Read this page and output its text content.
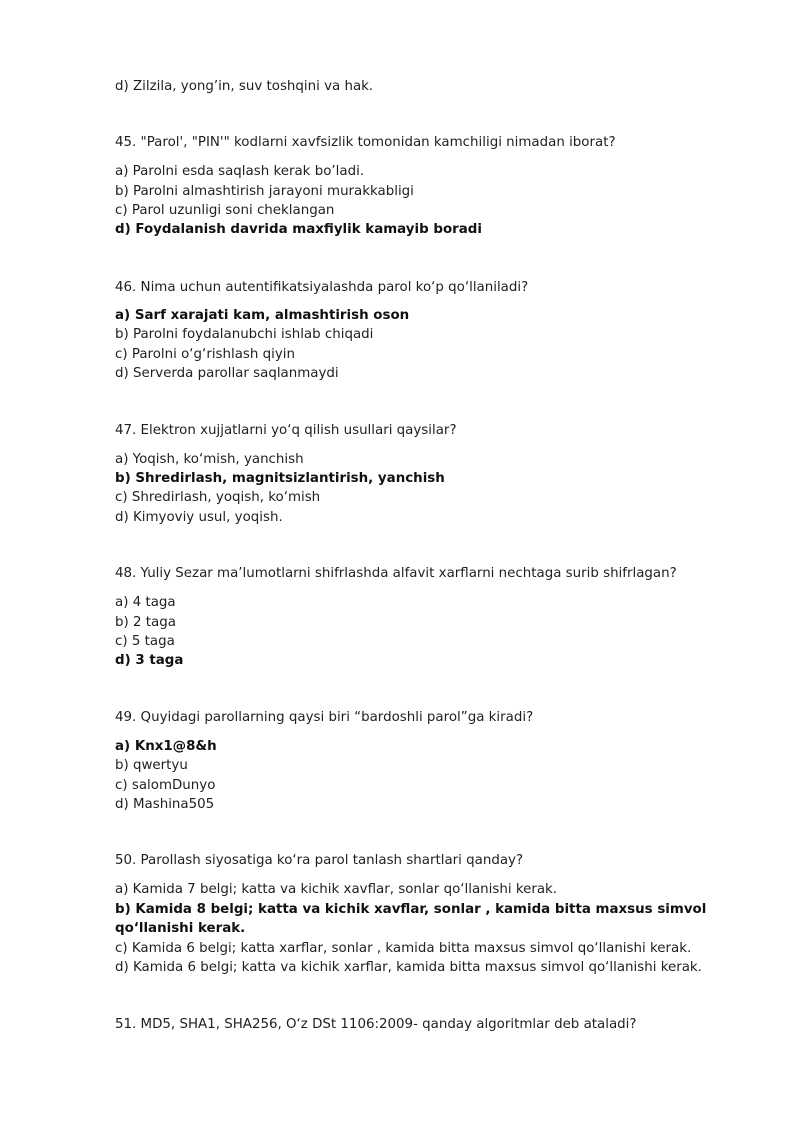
d) Zilzila, yong’in, suv toshqini va hak.
45. "Parol', "PIN'" kodlarni xavfsizlik tomonidan kamchiligi nimadan iborat?
a) Parolni esda saqlash kerak bo’ladi.
b) Parolni almashtirish jarayoni murakkabligi
c) Parol uzunligi soni cheklangan
d) Foydalanish davrida maxfiylik kamayib boradi
46. Nima uchun autentifikatsiyalashda parol ko‘p qo‘llaniladi?
a) Sarf xarajati kam, almashtirish oson
b) Parolni foydalanubchi ishlab chiqadi
c) Parolni o‘g‘rishlash qiyin
d) Serverda parollar saqlanmaydi
47. Elektron xujjatlarni yo‘q qilish usullari qaysilar?
a) Yoqish, ko‘mish, yanchish
b) Shredirlash, magnitsizlantirish, yanchish
c) Shredirlash, yoqish, ko‘mish
d) Kimyoviy usul, yoqish.
48. Yuliy Sezar ma’lumotlarni shifrlashda alfavit xarflarni nechtaga surib shifrlagan?
a) 4 taga
b) 2 taga
c) 5 taga
d) 3 taga
49. Quyidagi parollarning qaysi biri “bardoshli parol”ga kiradi?
a) Knx1@8&h
b) qwertyu
c) salomDunyo
d) Mashina505
50. Parollash siyosatiga ko‘ra parol tanlash shartlari qanday?
a) Kamida 7 belgi; katta va kichik xavflar, sonlar qo‘llanishi kerak.
b) Kamida 8 belgi; katta va kichik xavflar, sonlar , kamida bitta maxsus simvol qo‘llanishi kerak.
c) Kamida 6 belgi; katta xarflar, sonlar , kamida bitta maxsus simvol qo‘llanishi kerak.
d) Kamida 6 belgi; katta va kichik xarflar, kamida bitta maxsus simvol qo‘llanishi kerak.
51. MD5, SHA1, SHA256, O‘z DSt 1106:2009- qanday algoritmlar deb ataladi?
